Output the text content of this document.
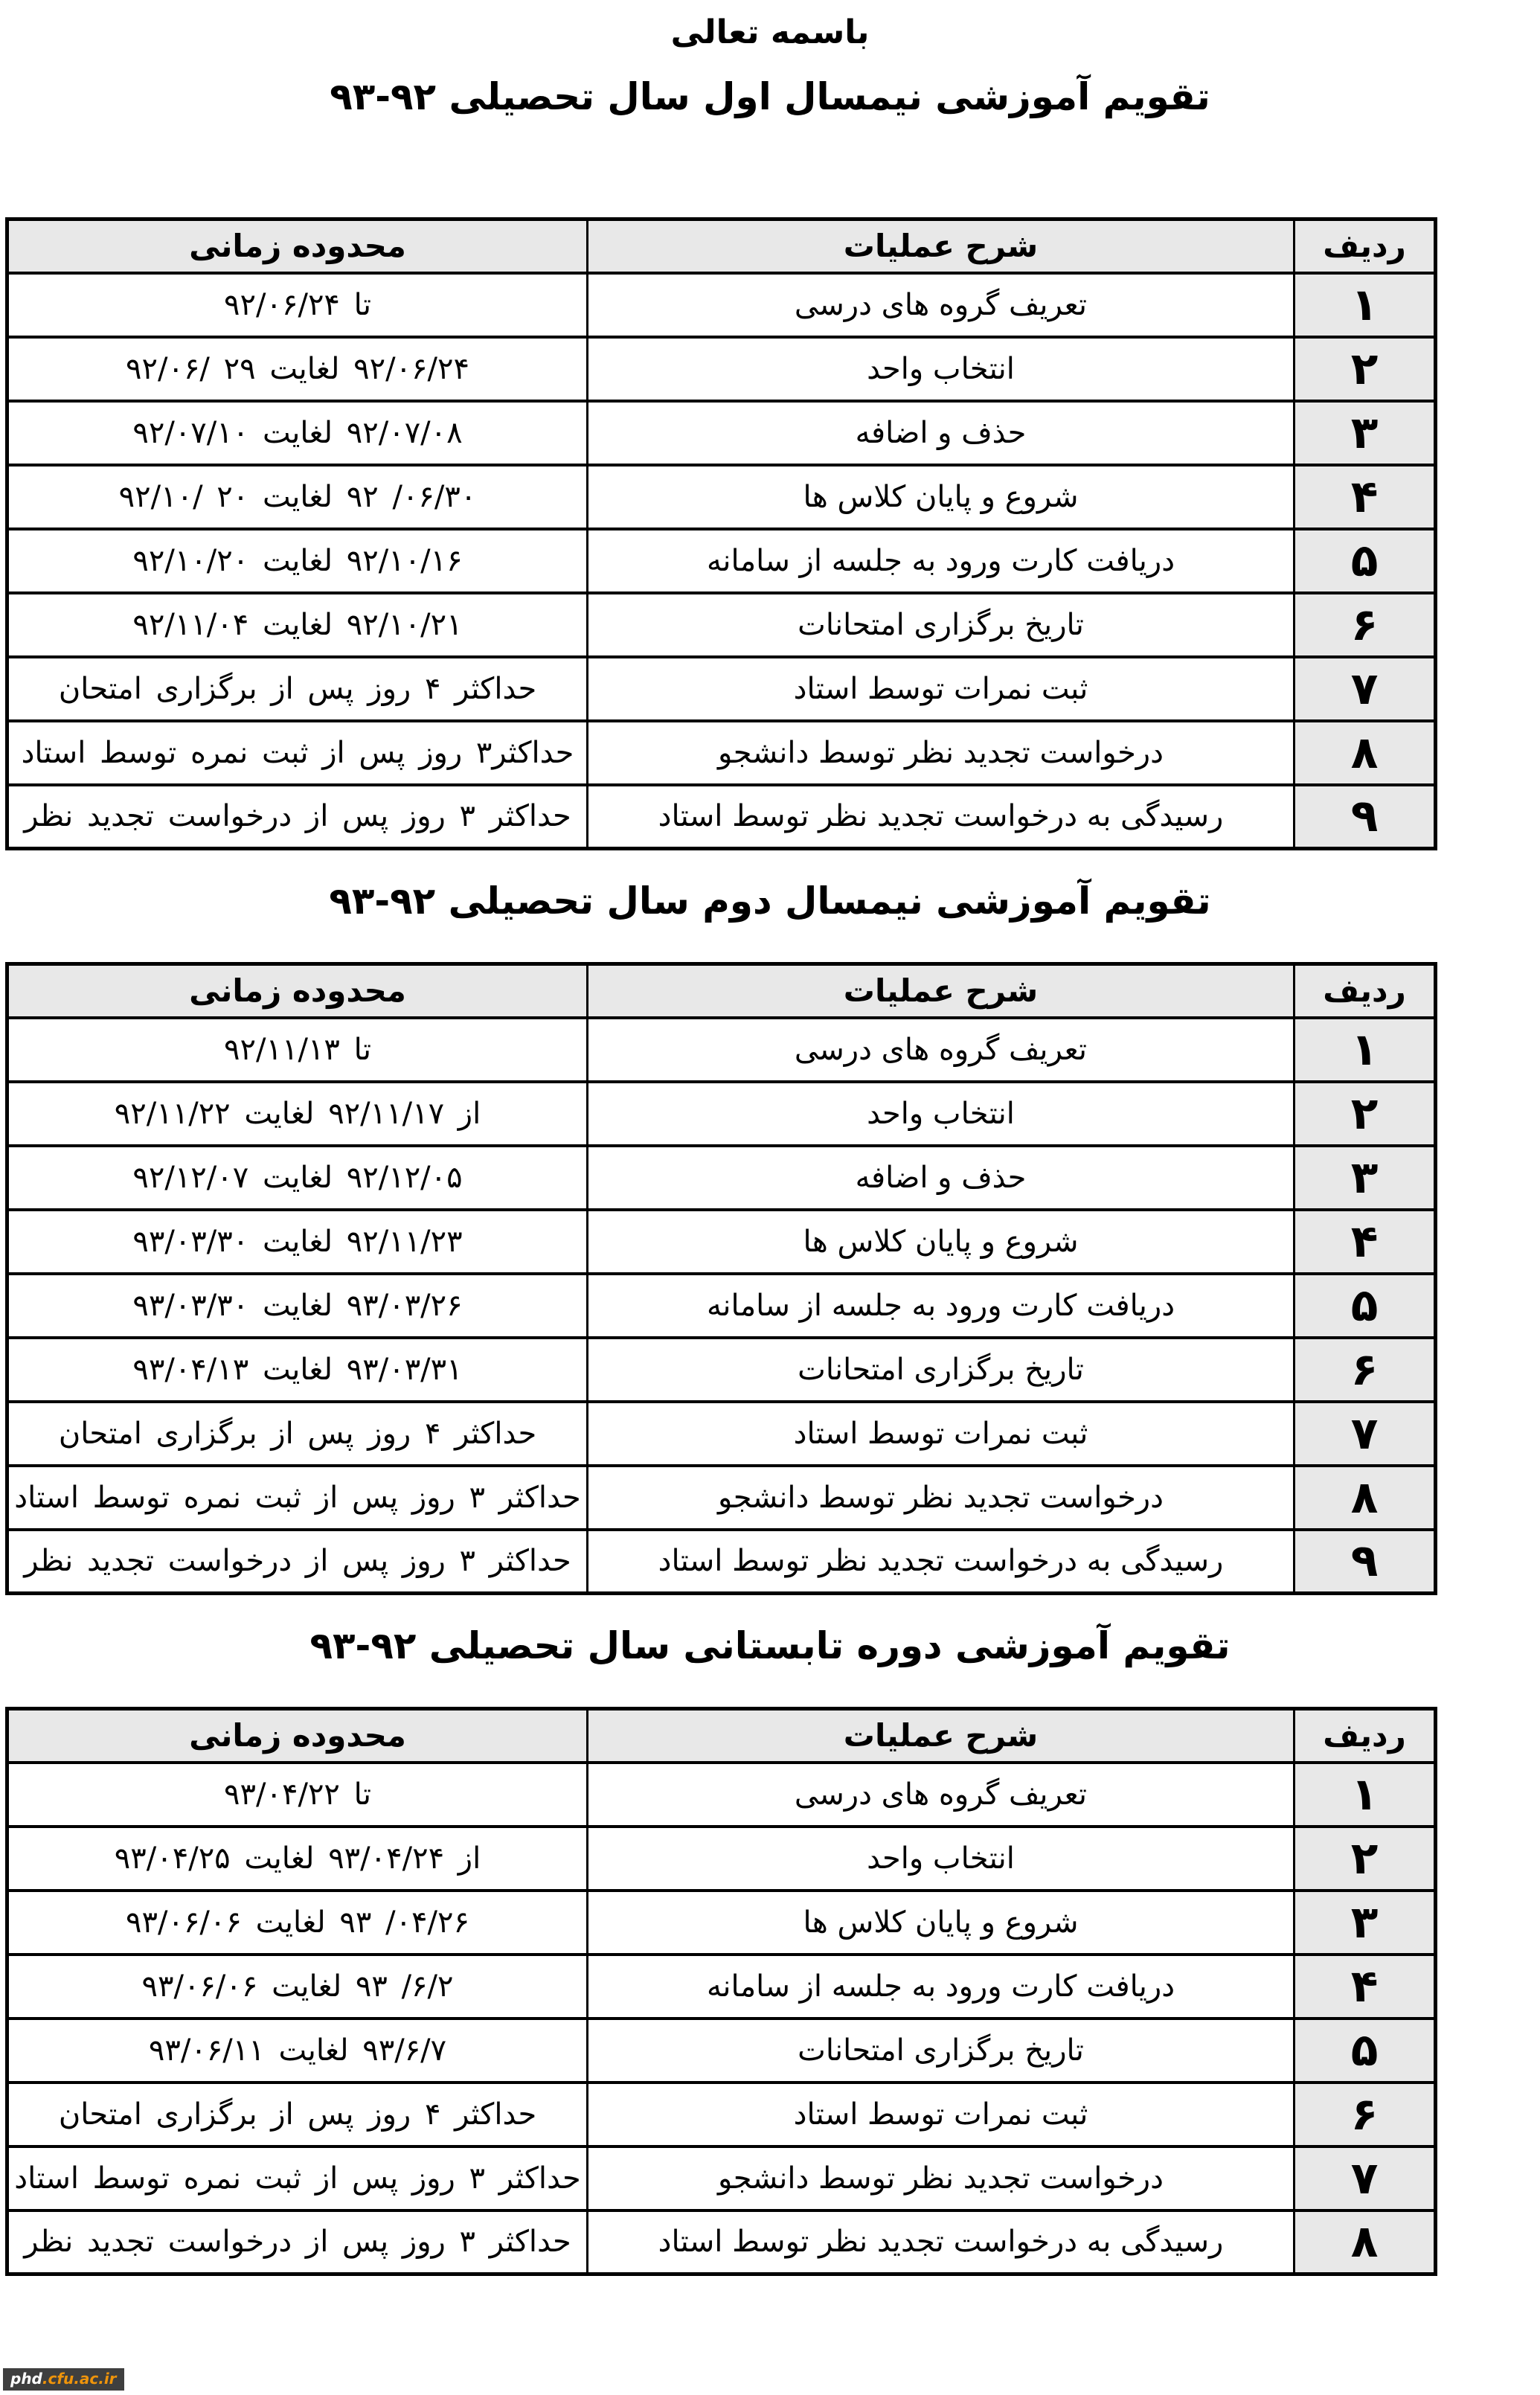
باسمه تعالی
تقویم آموزشی نیمسال اول سال تحصیلی ۹۲-۹۳
ردیف	شرح عملیات	محدوده زمانی
۱	تعریف گروه های درسی	تا ۹۲/۰۶/۲۴
۲	انتخاب واحد	۹۲/۰۶/۲۴ لغایت ۹۲/۰۶/ ۲۹
۳	حذف و اضافه	۹۲/۰۷/۰۸ لغایت ۹۲/۰۷/۱۰
۴	شروع و پایان کلاس ها	۹۲ /۰۶/۳۰ لغایت ۹۲/۱۰/ ۲۰
۵	دریافت کارت ورود به جلسه از سامانه	۹۲/۱۰/۱۶ لغایت ۹۲/۱۰/۲۰
۶	تاریخ برگزاری امتحانات	۹۲/۱۰/۲۱ لغایت ۹۲/۱۱/۰۴
۷	ثبت نمرات توسط استاد	حداکثر ۴ روز پس از برگزاری امتحان
۸	درخواست تجدید نظر توسط دانشجو	حداکثر۳ روز پس از ثبت نمره توسط استاد
۹	رسیدگی به درخواست تجدید نظر توسط استاد	حداکثر ۳ روز پس از درخواست تجدید نظر
تقویم آموزشی نیمسال دوم سال تحصیلی ۹۲-۹۳
ردیف	شرح عملیات	محدوده زمانی
۱	تعریف گروه های درسی	تا ۹۲/۱۱/۱۳
۲	انتخاب واحد	از ۹۲/۱۱/۱۷ لغایت ۹۲/۱۱/۲۲
۳	حذف و اضافه	۹۲/۱۲/۰۵ لغایت ۹۲/۱۲/۰۷
۴	شروع و پایان کلاس ها	۹۲/۱۱/۲۳ لغایت ۹۳/۰۳/۳۰
۵	دریافت کارت ورود به جلسه از سامانه	۹۳/۰۳/۲۶ لغایت ۹۳/۰۳/۳۰
۶	تاریخ برگزاری امتحانات	۹۳/۰۳/۳۱ لغایت ۹۳/۰۴/۱۳
۷	ثبت نمرات توسط استاد	حداکثر ۴ روز پس از برگزاری امتحان
۸	درخواست تجدید نظر توسط دانشجو	حداکثر ۳ روز پس از ثبت نمره توسط استاد
۹	رسیدگی به درخواست تجدید نظر توسط استاد	حداکثر ۳ روز پس از درخواست تجدید نظر
تقویم آموزشی دوره تابستانی سال تحصیلی ۹۲-۹۳
ردیف	شرح عملیات	محدوده زمانی
۱	تعریف گروه های درسی	تا ۹۳/۰۴/۲۲
۲	انتخاب واحد	از ۹۳/۰۴/۲۴ لغایت ۹۳/۰۴/۲۵
۳	شروع و پایان کلاس ها	۹۳ /۰۴/۲۶ لغایت ۹۳/۰۶/۰۶
۴	دریافت کارت ورود به جلسه از سامانه	۹۳ /۶/۲ لغایت ۹۳/۰۶/۰۶
۵	تاریخ برگزاری امتحانات	۹۳/۶/۷ لغایت ۹۳/۰۶/۱۱
۶	ثبت نمرات توسط استاد	حداکثر ۴ روز پس از برگزاری امتحان
۷	درخواست تجدید نظر توسط دانشجو	حداکثر ۳ روز پس از ثبت نمره توسط استاد
۸	رسیدگی به درخواست تجدید نظر توسط استاد	حداکثر ۳ روز پس از درخواست تجدید نظر
phd.cfu.ac.ir
